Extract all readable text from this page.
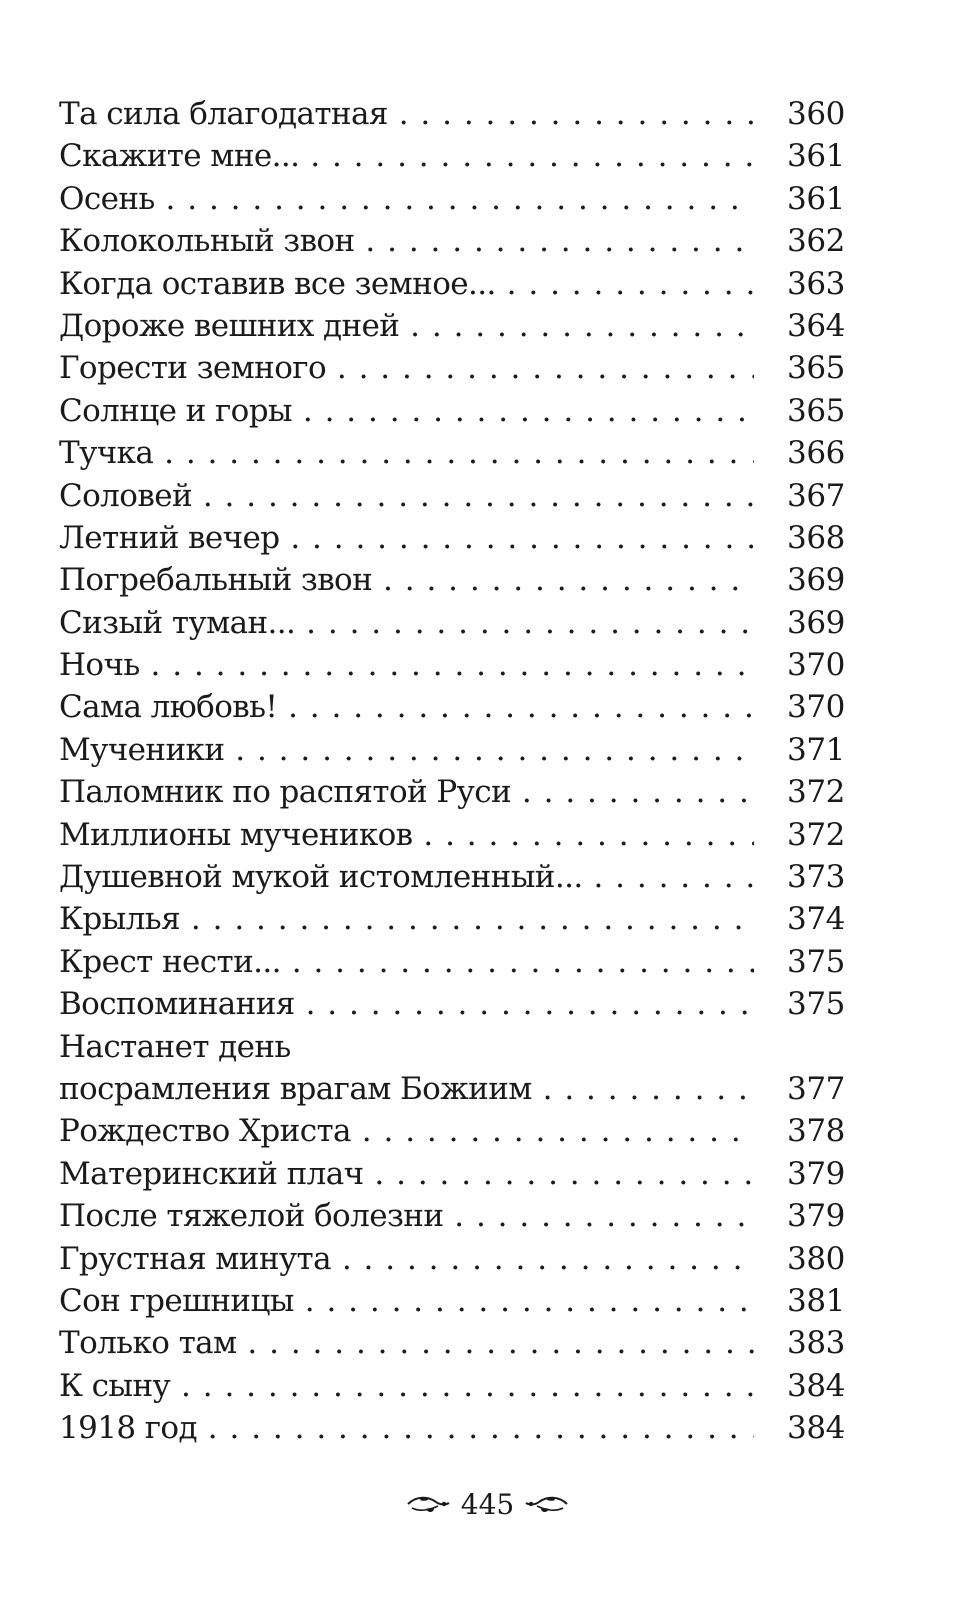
Та сила благодатная . . .	360
Скажите мне... . . .	361
Осень . . .	361
Колокольный звон . . .	362
Когда оставив все земное... . . .	363
Дороже вешних дней . . .	364
Горести земного . . .	365
Солнце и горы . . .	365
Тучка . . .	366
Соловей . . .	367
Летний вечер . . .	368
Погребальный звон . . .	369
Сизый туман... . . .	369
Ночь . . .	370
Сама любовь! . . .	370
Мученики . . .	371
Паломник по распятой Руси . . .	372
Миллионы мучеников . . .	372
Душевной мукой истомленный... . . .	373
Крылья . . .	374
Крест нести... . . .	375
Воспоминания . . .	375
Настанет день
посрамления врагам Божиим . . .	377
Рождество Христа . . .	378
Материнский плач . . .	379
После тяжелой болезни . . .	379
Грустная минута . . .	380
Сон грешницы . . .	381
Только там . . .	383
К сыну . . .	384
1918 год . . .	384
445
